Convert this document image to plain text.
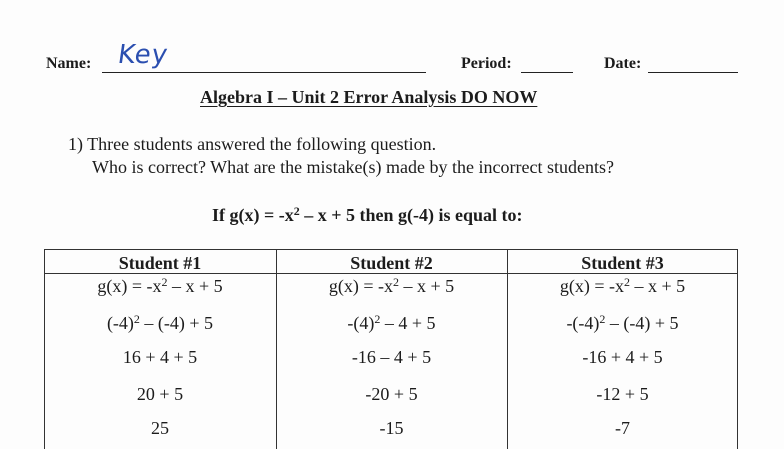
Name: Key	Period:	Date:
Algebra I – Unit 2 Error Analysis DO NOW
1) Three students answered the following question.
Who is correct? What are the mistake(s) made by the incorrect students?
If $g(x) = -x^2 - x + 5$ then g(-4) is equal to:
Student #1
$g(x) = -x^2 - x + 5$
$(-4)^2 - (-4) + 5$
16 + 4 + 5
20 + 5
25
Student #2
$g(x) = -x^2 - x + 5$
$-(4)^2 - 4 + 5$
-16 – 4 + 5
-20 + 5
-15
Student #3
$g(x) = -x^2 - x + 5$
$-(-4)^2 - (-4) + 5$
-16 + 4 + 5
-12 + 5
-7
